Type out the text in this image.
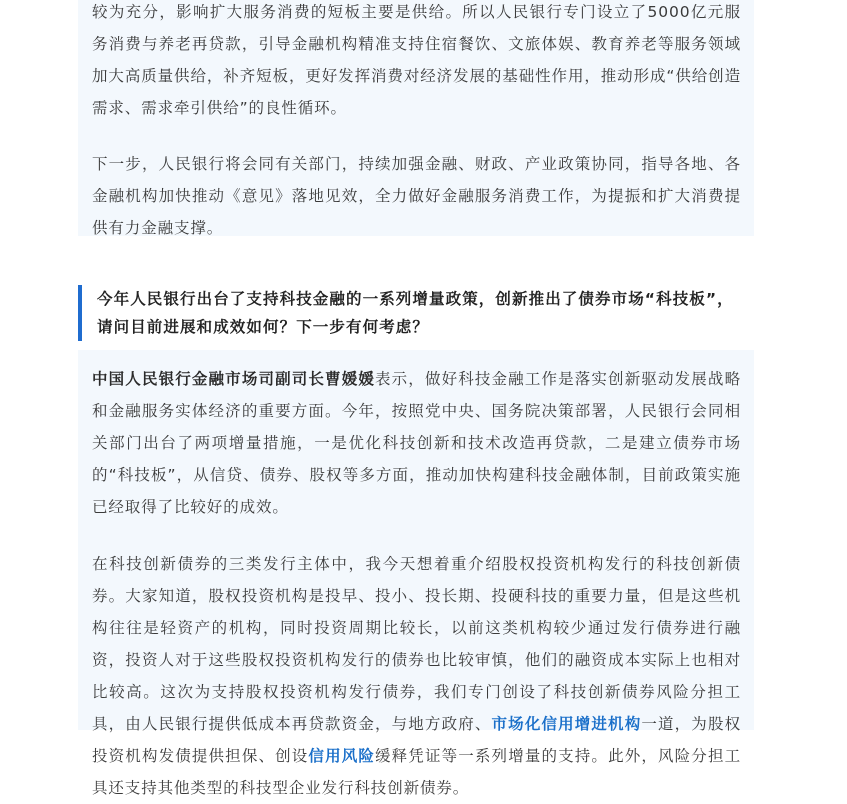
较为充分，影响扩大服务消费的短板主要是供给。所以人民银行专门设立了5000亿元服务消费与养老再贷款，引导金融机构精准支持住宿餐饮、文旅体娱、教育养老等服务领域加大高质量供给，补齐短板，更好发挥消费对经济发展的基础性作用，推动形成“供给创造需求、需求牵引供给”的良性循环。

下一步，人民银行将会同有关部门，持续加强金融、财政、产业政策协同，指导各地、各金融机构加快推动《意见》落地见效，全力做好金融服务消费工作，为提振和扩大消费提供有力金融支撑。

今年人民银行出台了支持科技金融的一系列增量政策，创新推出了债券市场“科技板”，请问目前进展和成效如何？下一步有何考虑？

中国人民银行金融市场司副司长曹媛媛表示，做好科技金融工作是落实创新驱动发展战略和金融服务实体经济的重要方面。今年，按照党中央、国务院决策部署，人民银行会同相关部门出台了两项增量措施，一是优化科技创新和技术改造再贷款，二是建立债券市场的“科技板”，从信贷、债券、股权等多方面，推动加快构建科技金融体制，目前政策实施已经取得了比较好的成效。

在科技创新债券的三类发行主体中，我今天想着重介绍股权投资机构发行的科技创新债券。大家知道，股权投资机构是投早、投小、投长期、投硬科技的重要力量，但是这些机构往往是轻资产的机构，同时投资周期比较长，以前这类机构较少通过发行债券进行融资，投资人对于这些股权投资机构发行的债券也比较审慎，他们的融资成本实际上也相对比较高。这次为支持股权投资机构发行债券，我们专门创设了科技创新债券风险分担工具，由人民银行提供低成本再贷款资金，与地方政府、市场化信用增进机构一道，为股权投资机构发债提供担保、创设信用风险缓释凭证等一系列增量的支持。此外，风险分担工具还支持其他类型的科技型企业发行科技创新债券。
